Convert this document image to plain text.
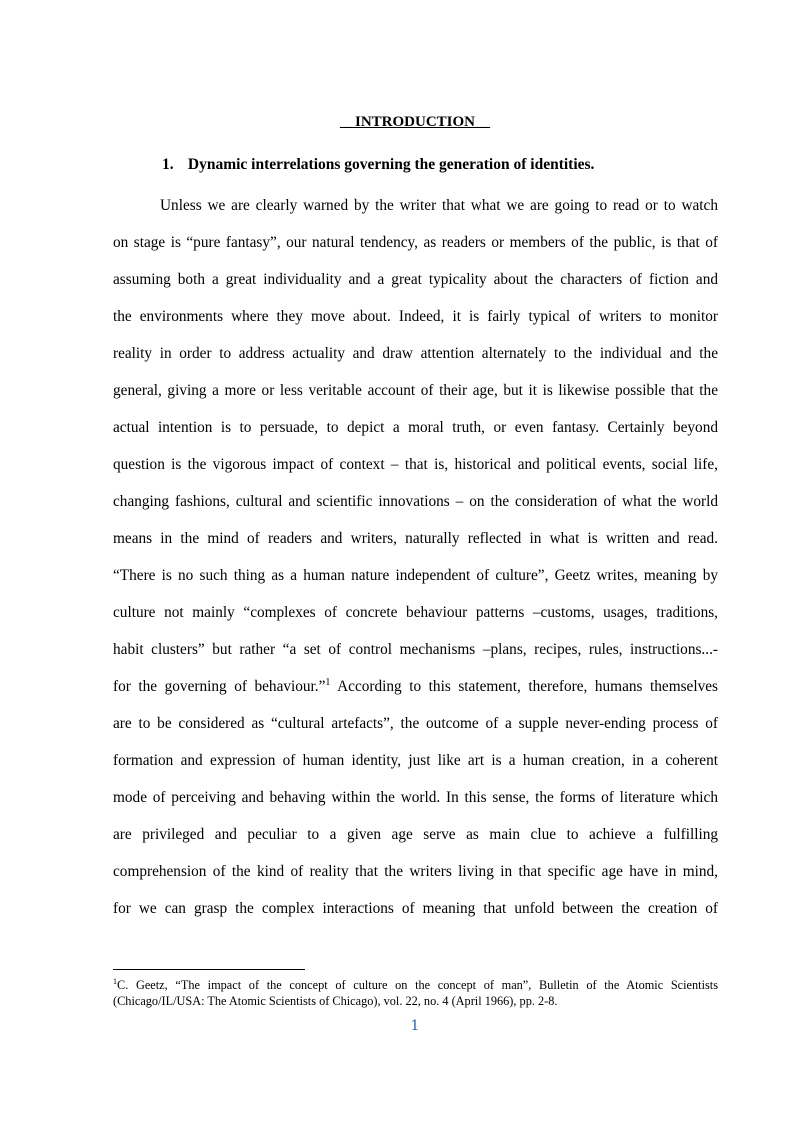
__INTRODUCTION__
1. Dynamic interrelations governing the generation of identities.
Unless we are clearly warned by the writer that what we are going to read or to watch
on stage is “pure fantasy”, our natural tendency, as readers or members of the public, is that of
assuming both a great individuality and a great typicality about the characters of fiction and
the environments where they move about. Indeed, it is fairly typical of writers to monitor
reality in order to address actuality and draw attention alternately to the individual and the
general, giving a more or less veritable account of their age, but it is likewise possible that the
actual intention is to persuade, to depict a moral truth, or even fantasy. Certainly beyond
question is the vigorous impact of context – that is, historical and political events, social life,
changing fashions, cultural and scientific innovations – on the consideration of what the world
means in the mind of readers and writers, naturally reflected in what is written and read.
“There is no such thing as a human nature independent of culture”, Geetz writes, meaning by
culture not mainly “complexes of concrete behaviour patterns –customs, usages, traditions,
habit clusters” but rather “a set of control mechanisms –plans, recipes, rules, instructions...-
for the governing of behaviour.”$^1$ According to this statement, therefore, humans themselves
are to be considered as “cultural artefacts”, the outcome of a supple never-ending process of
formation and expression of human identity, just like art is a human creation, in a coherent
mode of perceiving and behaving within the world. In this sense, the forms of literature which
are privileged and peculiar to a given age serve as main clue to achieve a fulfilling
comprehension of the kind of reality that the writers living in that specific age have in mind,
for we can grasp the complex interactions of meaning that unfold between the creation of
$^1$C. Geetz, “The impact of the concept of culture on the concept of man”, Bulletin of the Atomic Scientists
(Chicago/IL/USA: The Atomic Scientists of Chicago), vol. 22, no. 4 (April 1966), pp. 2-8.
1
